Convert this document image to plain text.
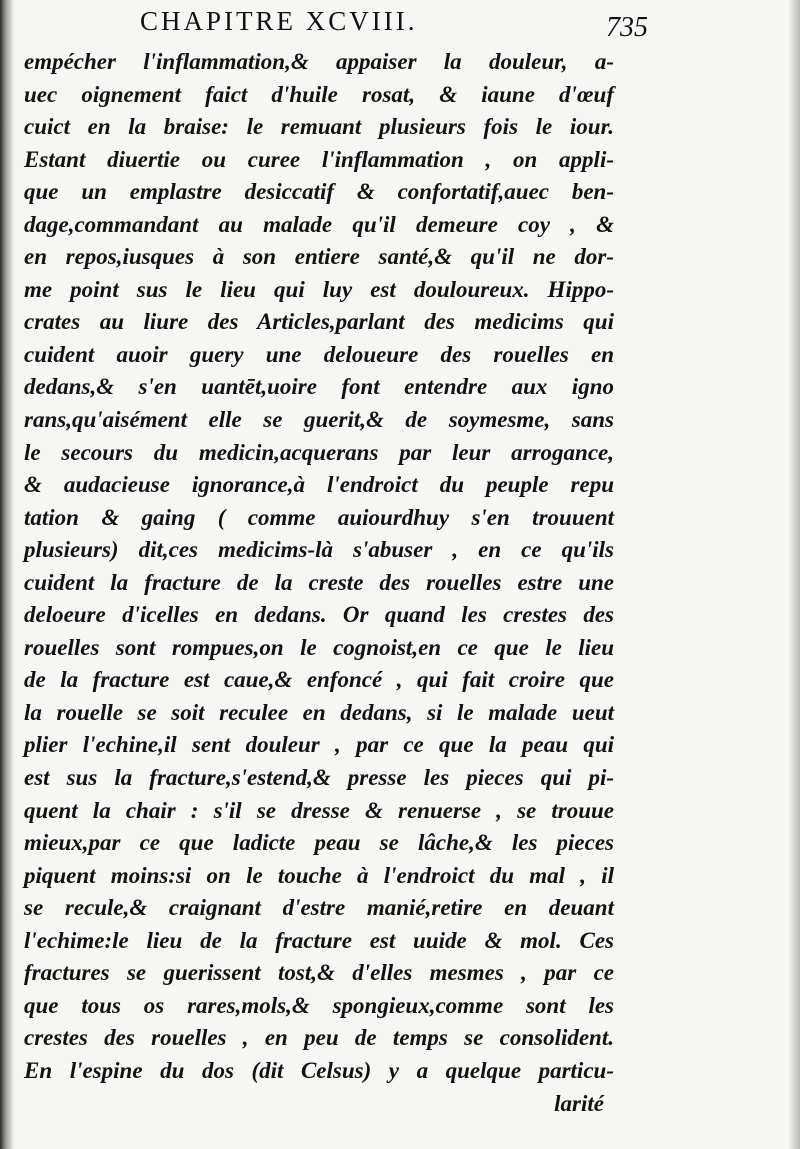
CHAPITRE XCVIII.	735
empécher l'inflammation,& appaiser la douleur, a-
uec oignement faict d'huile rosat, & iaune d'œuf
cuict en la braise: le remuant plusieurs fois le iour.
Estant diuertie ou curee l'inflammation , on appli-
que un emplastre desiccatif & confortatif,auec ben-
dage,commandant au malade qu'il demeure coy , &
en repos,iusques à son entiere santé,& qu'il ne dor-
me point sus le lieu qui luy est douloureux. Hippo-
crates au liure des Articles,parlant des medicims qui
cuident auoir guery une deloueure des rouelles en
dedans,& s'en uantēt,uoire font entendre aux igno
rans,qu'aisément elle se guerit,& de soymesme, sans
le secours du medicin,acquerans par leur arrogance,
& audacieuse ignorance,à l'endroict du peuple repu
tation & gaing ( comme auiourdhuy s'en trouuent
plusieurs) dit,ces medicims-là s'abuser , en ce qu'ils
cuident la fracture de la creste des rouelles estre une
deloeure d'icelles en dedans. Or quand les crestes des
rouelles sont rompues,on le cognoist,en ce que le lieu
de la fracture est caue,& enfoncé , qui fait croire que
la rouelle se soit reculee en dedans, si le malade ueut
plier l'echine,il sent douleur , par ce que la peau qui
est sus la fracture,s'estend,& presse les pieces qui pi-
quent la chair : s'il se dresse & renuerse , se trouue
mieux,par ce que ladicte peau se lâche,& les pieces
piquent moins:si on le touche à l'endroict du mal , il
se recule,& craignant d'estre manié,retire en deuant
l'echime:le lieu de la fracture est uuide & mol. Ces
fractures se guerissent tost,& d'elles mesmes , par ce
que tous os rares,mols,& spongieux,comme sont les
crestes des rouelles , en peu de temps se consolident.
En l'espine du dos (dit Celsus) y a quelque particu-
larité
